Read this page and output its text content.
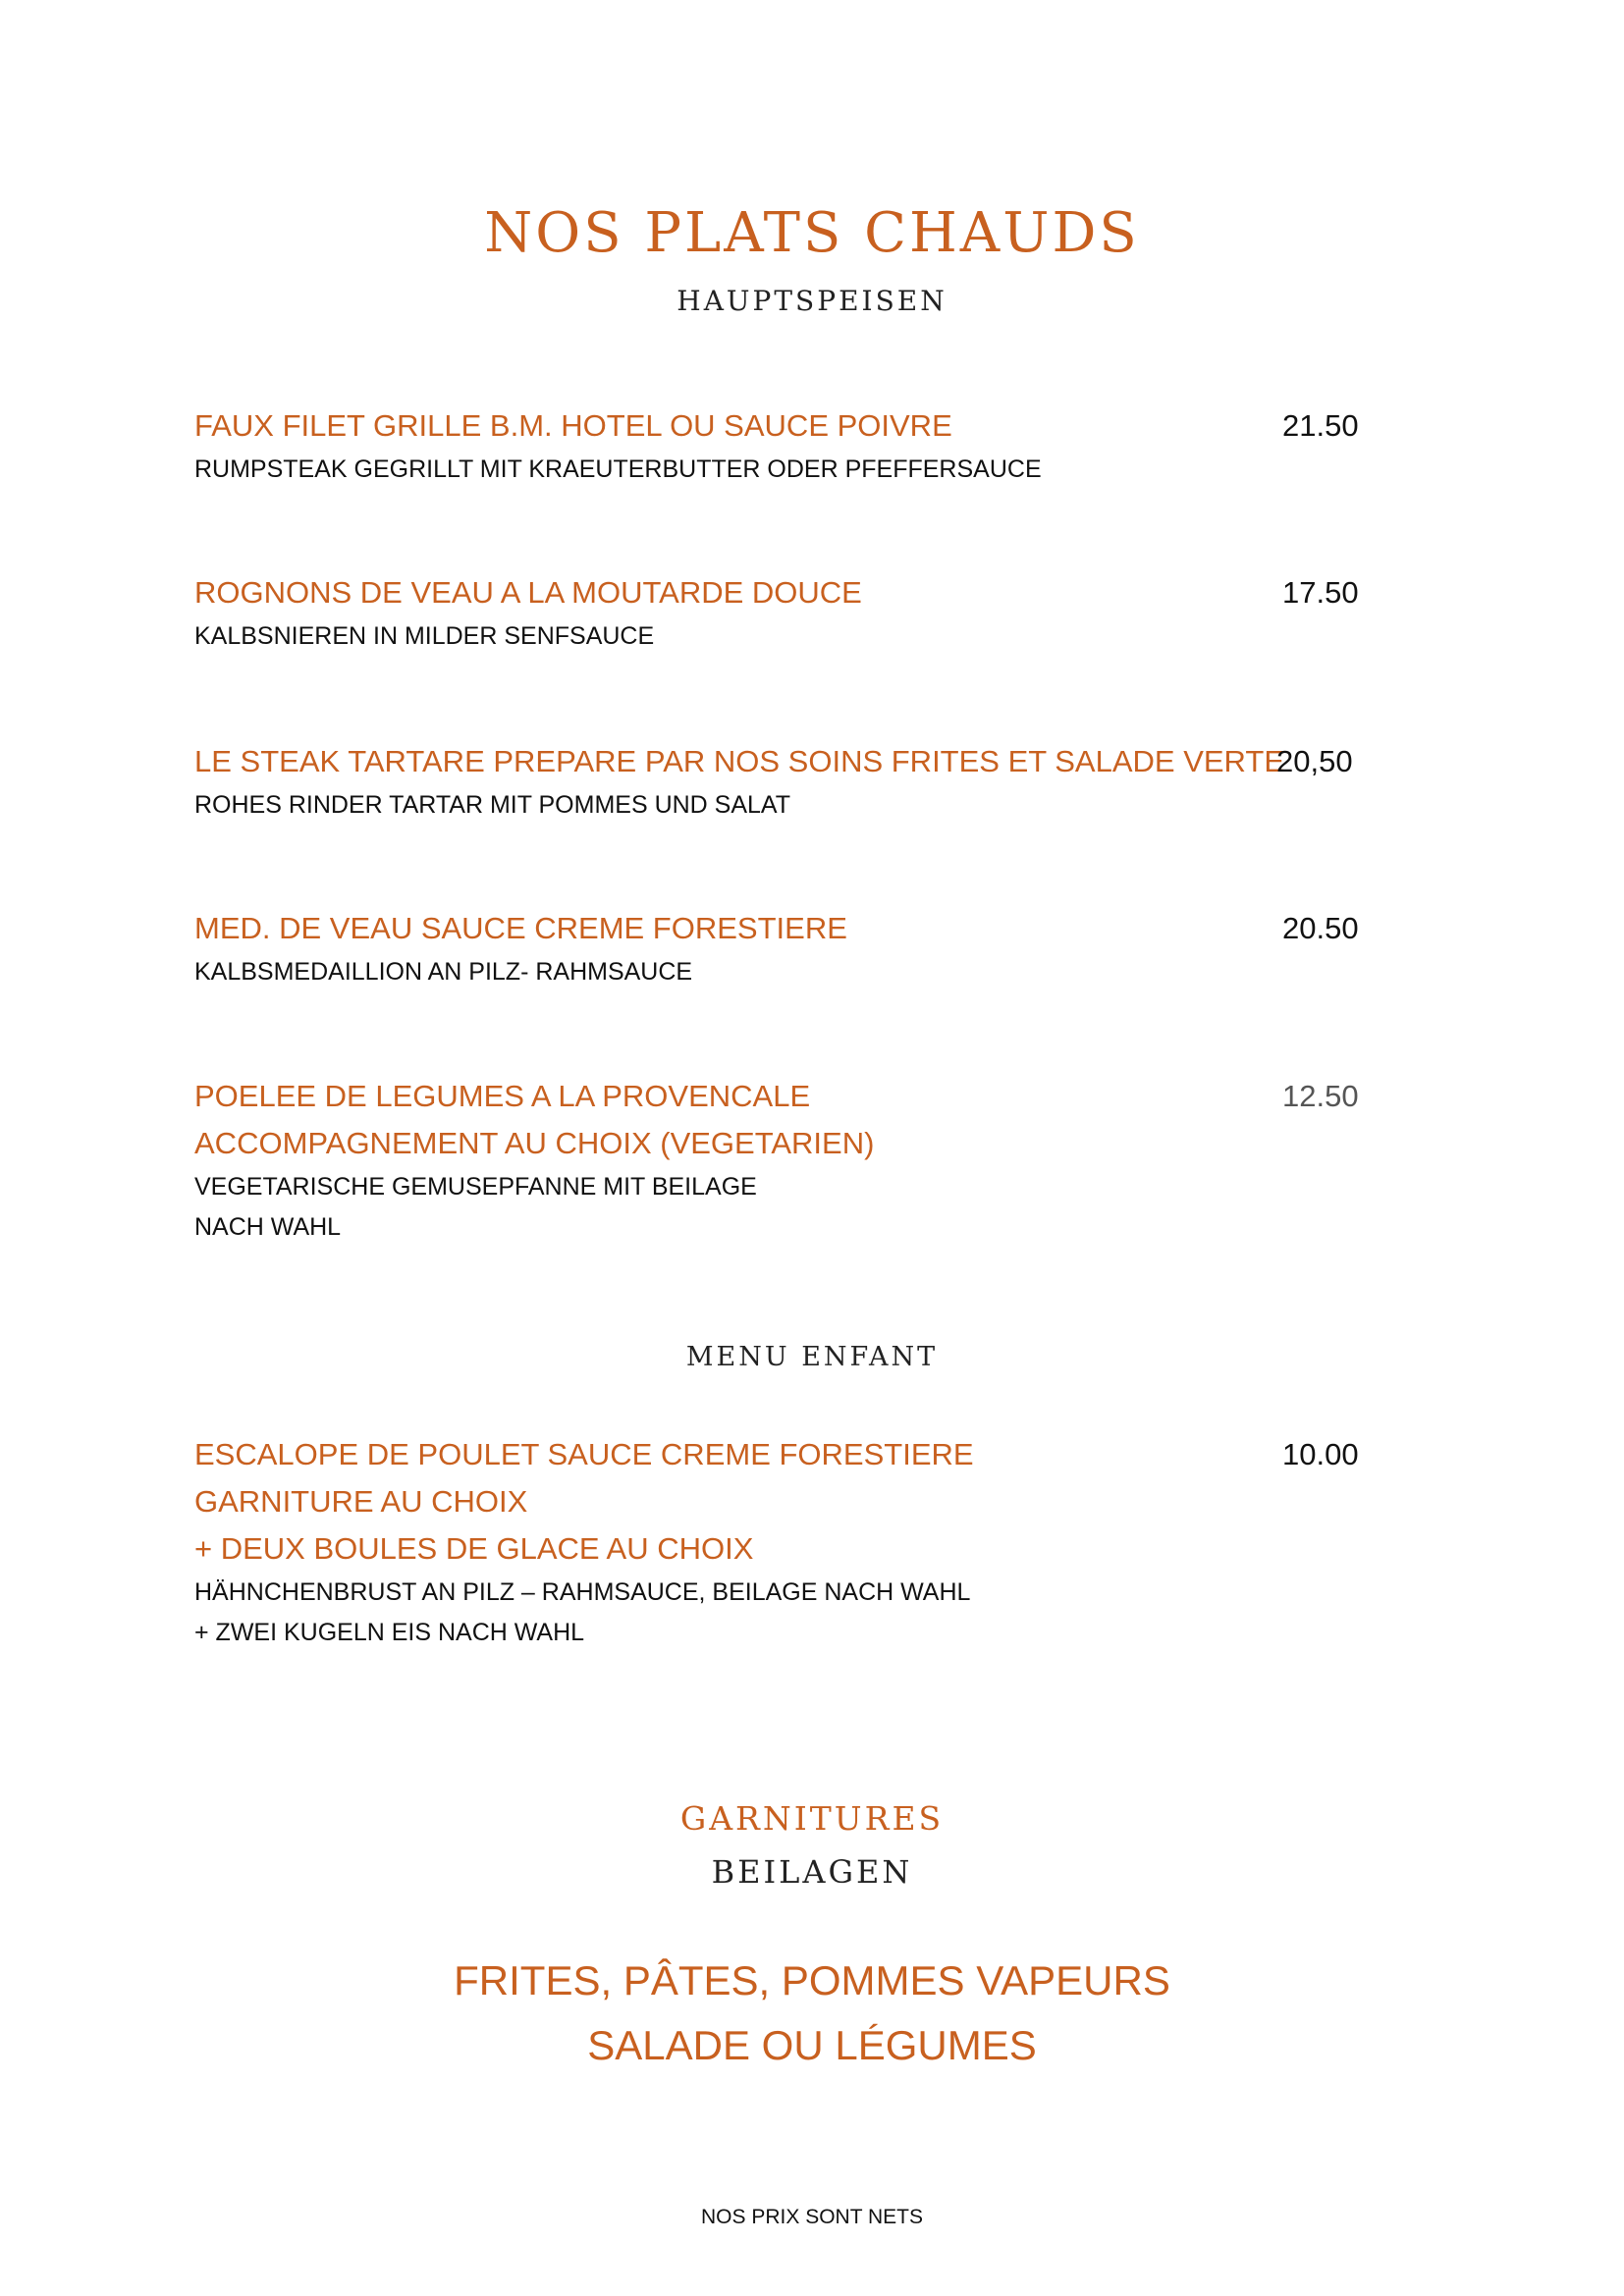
NOS PLATS CHAUDS
HAUPTSPEISEN
FAUX FILET GRILLE B.M. HOTEL OU SAUCE POIVRE
RUMPSTEAK GEGRILLT MIT KRAEUTERBUTTER ODER PFEFFERSAUCE
21.50
ROGNONS DE VEAU A LA MOUTARDE DOUCE
KALBSNIEREN IN MILDER SENFSAUCE
17.50
LE STEAK TARTARE PREPARE PAR NOS SOINS FRITES ET SALADE VERTE
ROHES RINDER TARTAR MIT POMMES UND SALAT
20,50
MED. DE VEAU SAUCE CREME FORESTIERE
KALBSMEDAILLION AN PILZ- RAHMSAUCE
20.50
POELEE DE LEGUMES A LA PROVENCALE
ACCOMPAGNEMENT AU CHOIX (VEGETARIEN)
VEGETARISCHE GEMUSEPFANNE MIT BEILAGE
NACH WAHL
12.50
MENU ENFANT
ESCALOPE DE POULET SAUCE CREME FORESTIERE
GARNITURE AU CHOIX
+ DEUX BOULES DE GLACE AU CHOIX
HÄHNCHENBRUST AN PILZ – RAHMSAUCE, BEILAGE NACH WAHL
+ ZWEI KUGELN EIS NACH WAHL
10.00
GARNITURES
BEILAGEN
FRITES, PÂTES, POMMES VAPEURS
SALADE OU LÉGUMES
NOS PRIX SONT NETS
